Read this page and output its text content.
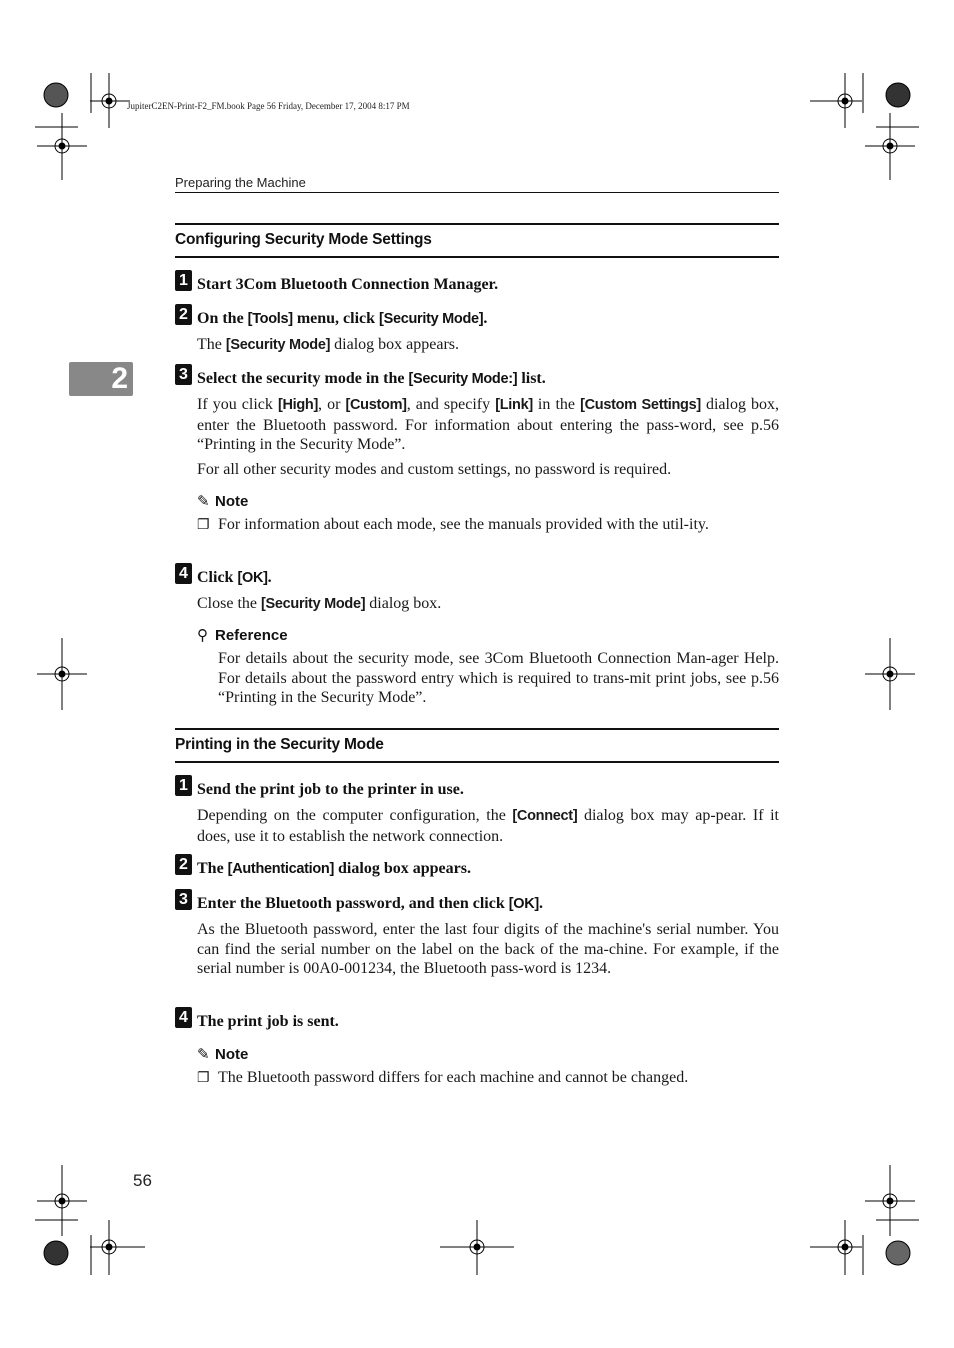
JupiterC2EN-Print-F2_FM.book Page 56 Friday, December 17, 2004 8:17 PM
Preparing the Machine
2
Configuring Security Mode Settings
1 Start 3Com Bluetooth Connection Manager.
2 On the [Tools] menu, click [Security Mode].
The [Security Mode] dialog box appears.
3 Select the security mode in the [Security Mode:] list.
If you click [High], or [Custom], and specify [Link] in the [Custom Settings] dialog box, enter the Bluetooth password. For information about entering the pass-word, see p.56 “Printing in the Security Mode”.
For all other security modes and custom settings, no password is required.
✎ Note
❐ For information about each mode, see the manuals provided with the util-ity.
4 Click [OK].
Close the [Security Mode] dialog box.
⚲ Reference
For details about the security mode, see 3Com Bluetooth Connection Man-ager Help. For details about the password entry which is required to trans-mit print jobs, see p.56 “Printing in the Security Mode”.
Printing in the Security Mode
1 Send the print job to the printer in use.
Depending on the computer configuration, the [Connect] dialog box may ap-pear. If it does, use it to establish the network connection.
2 The [Authentication] dialog box appears.
3 Enter the Bluetooth password, and then click [OK].
As the Bluetooth password, enter the last four digits of the machine's serial number. You can find the serial number on the label on the back of the ma-chine. For example, if the serial number is 00A0-001234, the Bluetooth pass-word is 1234.
4 The print job is sent.
✎ Note
❐ The Bluetooth password differs for each machine and cannot be changed.
56
